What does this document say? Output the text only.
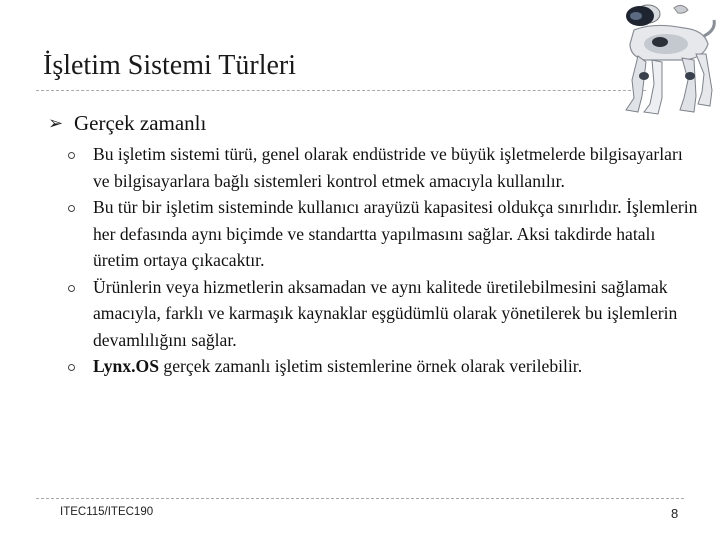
İşletim Sistemi Türleri
➢ Gerçek zamanlı
Bu işletim sistemi türü, genel olarak endüstride ve büyük işletmelerde bilgisayarları ve bilgisayarlara bağlı sistemleri kontrol etmek amacıyla kullanılır.
Bu tür bir işletim sisteminde kullanıcı arayüzü kapasitesi oldukça sınırlıdır. İşlemlerin her defasında aynı biçimde ve standartta yapılmasını sağlar. Aksi takdirde hatalı üretim ortaya çıkacaktır.
Ürünlerin veya hizmetlerin aksamadan ve aynı kalitede üretilebilmesini sağlamak amacıyla, farklı ve karmaşık kaynaklar eşgüdümlü olarak yönetilerek bu işlemlerin devamlılığını sağlar.
Lynx.OS gerçek zamanlı işletim sistemlerine örnek olarak verilebilir.
ITEC115/ITEC190	8
